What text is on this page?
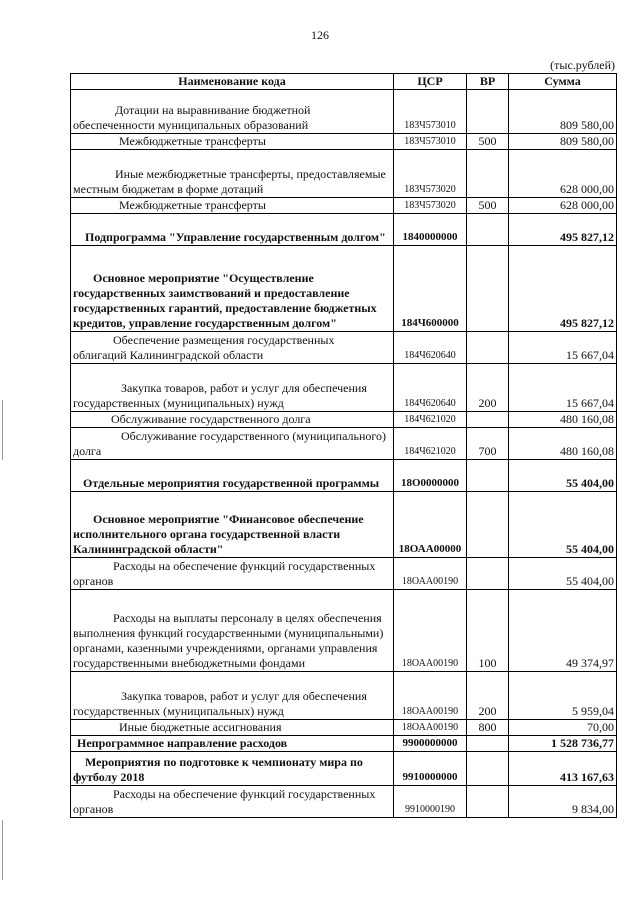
126
(тыс.рублей)
Наименование кода	ЦСР	ВР	Сумма
Дотации на выравнивание бюджетной обеспеченности муниципальных образований	183Ч573010		809 580,00
Межбюджетные трансферты	183Ч573010	500	809 580,00
Иные межбюджетные трансферты, предоставляемые местным бюджетам в форме дотаций	183Ч573020		628 000,00
Межбюджетные трансферты	183Ч573020	500	628 000,00
Подпрограмма "Управление государственным долгом"	1840000000		495 827,12
Основное мероприятие "Осуществление государственных заимствований и предоставление государственных гарантий, предоставление бюджетных кредитов, управление государственным долгом"	184Ч600000		495 827,12
Обеспечение размещения государственных облигаций Калининградской области	184Ч620640		15 667,04
Закупка товаров, работ и услуг для обеспечения государственных (муниципальных) нужд	184Ч620640	200	15 667,04
Обслуживание государственного долга	184Ч621020		480 160,08
Обслуживание государственного (муниципального) долга	184Ч621020	700	480 160,08
Отдельные мероприятия государственной программы	18О0000000		55 404,00
Основное мероприятие "Финансовое обеспечение исполнительного органа государственной власти Калининградской области"	18ОАА00000		55 404,00
Расходы на обеспечение функций государственных органов	18ОАА00190		55 404,00
Расходы на выплаты персоналу в целях обеспечения выполнения функций государственными (муниципальными) органами, казенными учреждениями, органами управления государственными внебюджетными фондами	18ОАА00190	100	49 374,97
Закупка товаров, работ и услуг для обеспечения государственных (муниципальных) нужд	18ОАА00190	200	5 959,04
Иные бюджетные ассигнования	18ОАА00190	800	70,00
Непрограммное направление расходов	9900000000		1 528 736,77
Мероприятия по подготовке к чемпионату мира по футболу 2018	9910000000		413 167,63
Расходы на обеспечение функций государственных органов	9910000190		9 834,00
